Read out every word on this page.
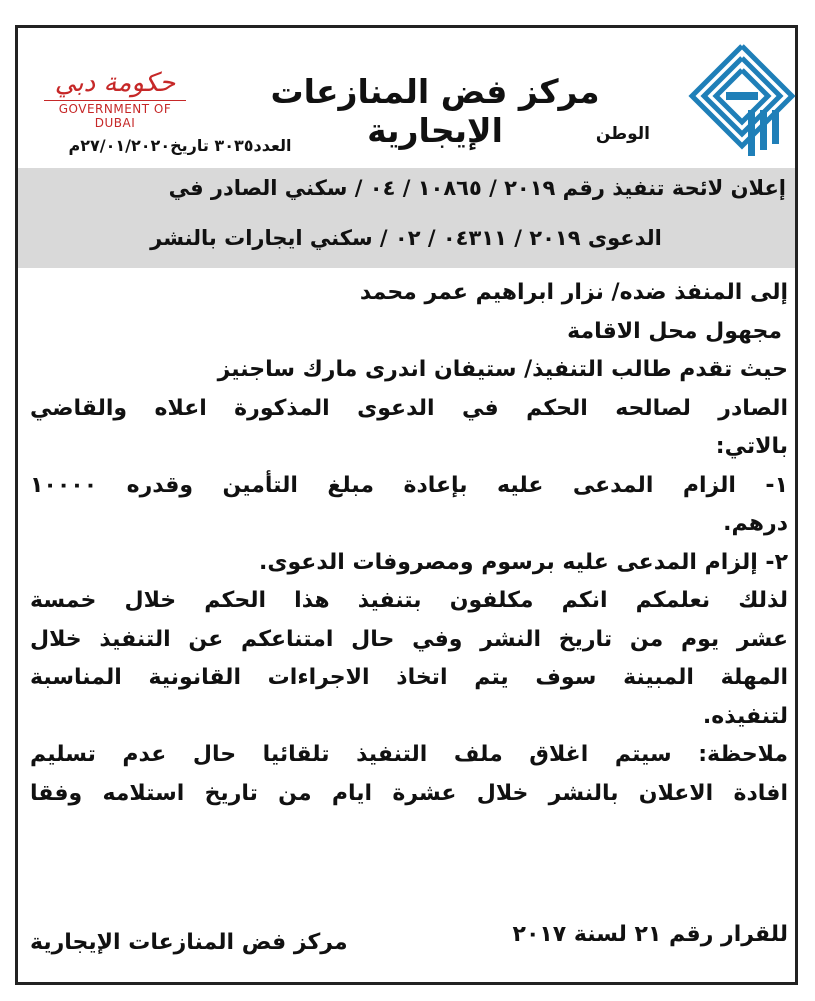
مركز فض المنازعات الإيجارية
حكومة دبي
GOVERNMENT OF DUBAI
الوطن
العدد٣٠٣٥ تاريخ٢٧/٠١/٢٠٢٠م
إعلان لائحة تنفيذ رقم ٢٠١٩ / ١٠٨٦٥ / ٠٤ / سكني الصادر في
الدعوى ٢٠١٩ / ٠٤٣١١ / ٠٢ / سكني ايجارات بالنشر

إلى المنفذ ضده/ نزار ابراهيم عمر محمد

مجهول محل الاقامة

حيث تقدم طالب التنفيذ/ ستيفان اندرى مارك ساجنيز

الصادر لصالحه الحكم في الدعوى المذكورة اعلاه والقاضي

بالاتي:

١- الزام المدعى عليه بإعادة مبلغ التأمين وقدره ١٠٠٠٠

درهم.

٢- إلزام المدعى عليه برسوم ومصروفات الدعوى.

لذلك نعلمكم انكم مكلفون بتنفيذ هذا الحكم خلال خمسة

عشر يوم من تاريخ النشر وفي حال امتناعكم عن التنفيذ خلال

المهلة المبينة سوف يتم اتخاذ الاجراءات القانونية المناسبة

لتنفيذه.

ملاحظة: سيتم اغلاق ملف التنفيذ تلقائيا حال عدم تسليم

افادة الاعلان بالنشر خلال عشرة ايام من تاريخ استلامه وفقا

للقرار رقم ٢١ لسنة ٢٠١٧
مركز فض المنازعات الإيجارية
